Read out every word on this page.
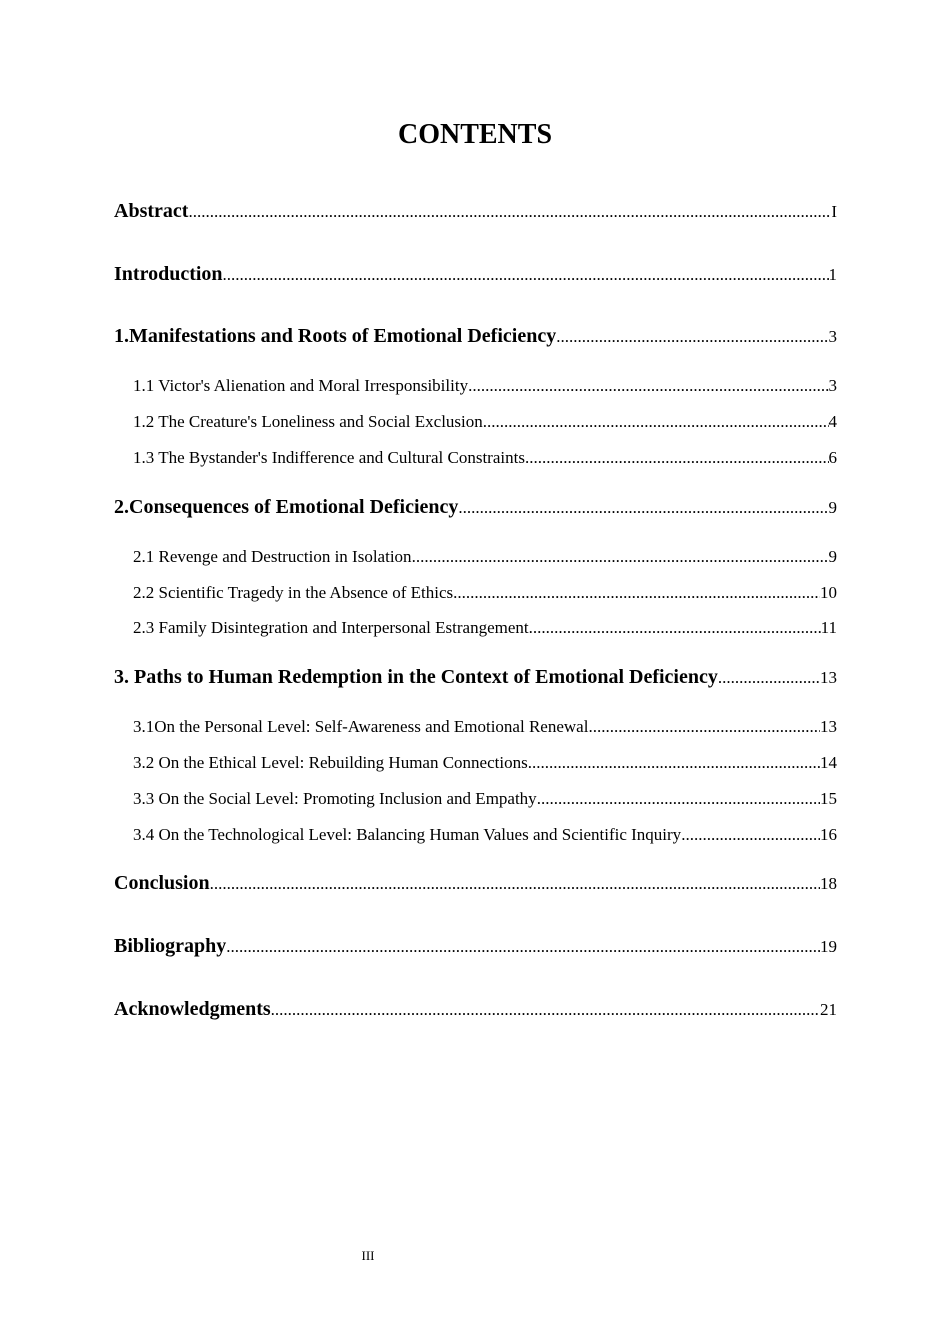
CONTENTS
Abstract .....	I
Introduction .....	1
1.Manifestations and Roots of Emotional Deficiency .....	3
1.1 Victor's Alienation and Moral Irresponsibility .....	3
1.2 The Creature's Loneliness and Social Exclusion .....	4
1.3 The Bystander's Indifference and Cultural Constraints .....	6
2.Consequences of Emotional Deficiency .....	9
2.1 Revenge and Destruction in Isolation .....	9
2.2 Scientific Tragedy in the Absence of Ethics .....	10
2.3 Family Disintegration and Interpersonal Estrangement .....	11
3. Paths to Human Redemption in the Context of Emotional Deficiency .....	13
3.1On the Personal Level: Self-Awareness and Emotional Renewal .....	13
3.2 On the Ethical Level: Rebuilding Human Connections .....	14
3.3 On the Social Level: Promoting Inclusion and Empathy .....	15
3.4 On the Technological Level: Balancing Human Values and Scientific Inquiry .....	16
Conclusion .....	18
Bibliography .....	19
Acknowledgments .....	21
III
